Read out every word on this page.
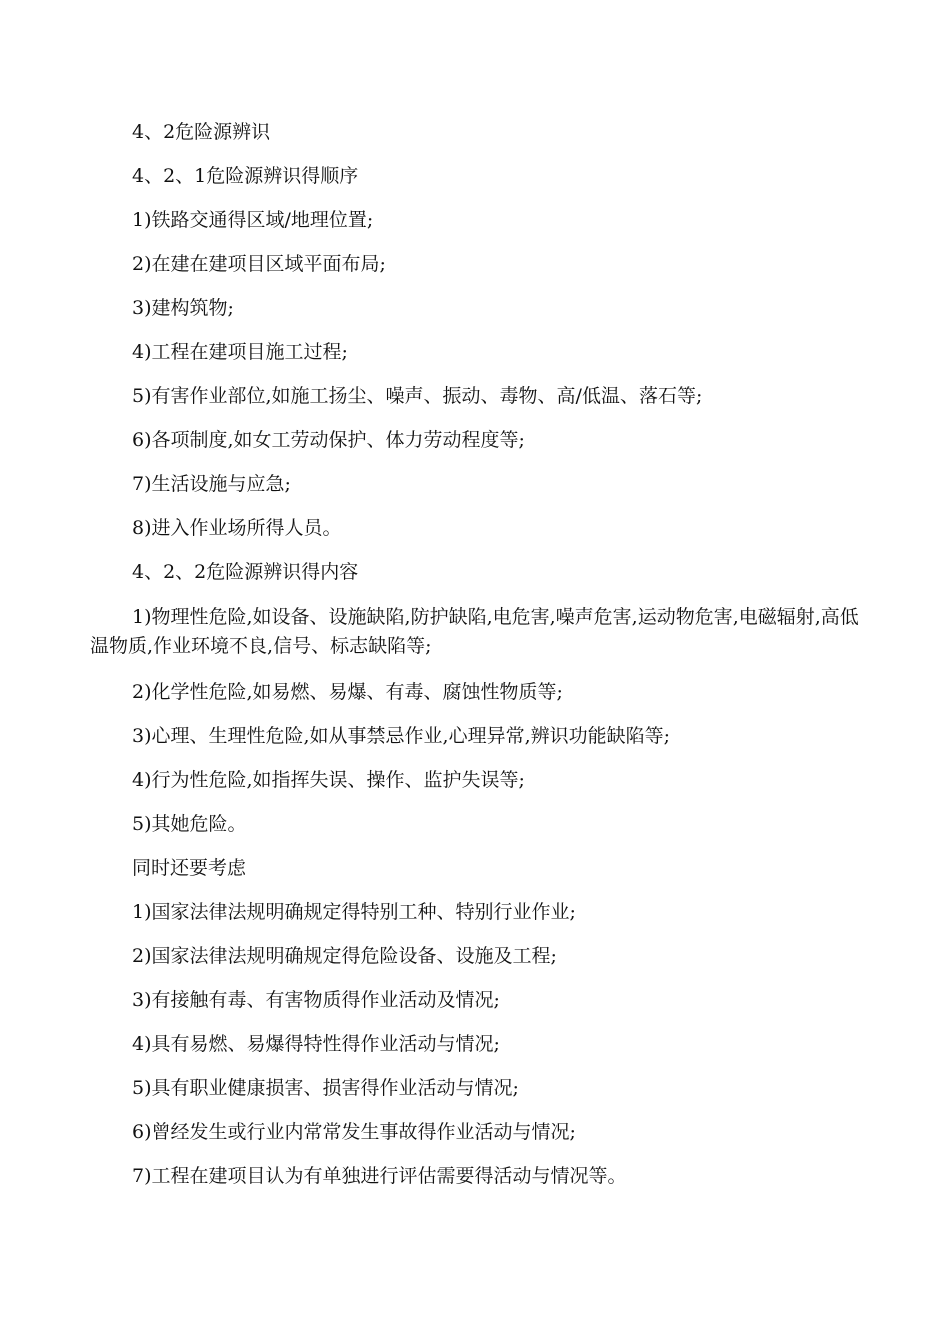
4、2危险源辨识
4、2、1危险源辨识得顺序
1)铁路交通得区域/地理位置;
2)在建在建项目区域平面布局;
3)建构筑物;
4)工程在建项目施工过程;
5)有害作业部位,如施工扬尘、噪声、振动、毒物、高/低温、落石等;
6)各项制度,如女工劳动保护、体力劳动程度等;
7)生活设施与应急;
8)进入作业场所得人员。
4、2、2危险源辨识得内容
1)物理性危险,如设备、设施缺陷,防护缺陷,电危害,噪声危害,运动物危害,电磁辐射,高低温物质,作业环境不良,信号、标志缺陷等;
2)化学性危险,如易燃、易爆、有毒、腐蚀性物质等;
3)心理、生理性危险,如从事禁忌作业,心理异常,辨识功能缺陷等;
4)行为性危险,如指挥失误、操作、监护失误等;
5)其她危险。
同时还要考虑
1)国家法律法规明确规定得特别工种、特别行业作业;
2)国家法律法规明确规定得危险设备、设施及工程;
3)有接触有毒、有害物质得作业活动及情况;
4)具有易燃、易爆得特性得作业活动与情况;
5)具有职业健康损害、损害得作业活动与情况;
6)曾经发生或行业内常常发生事故得作业活动与情况;
7)工程在建项目认为有单独进行评估需要得活动与情况等。
